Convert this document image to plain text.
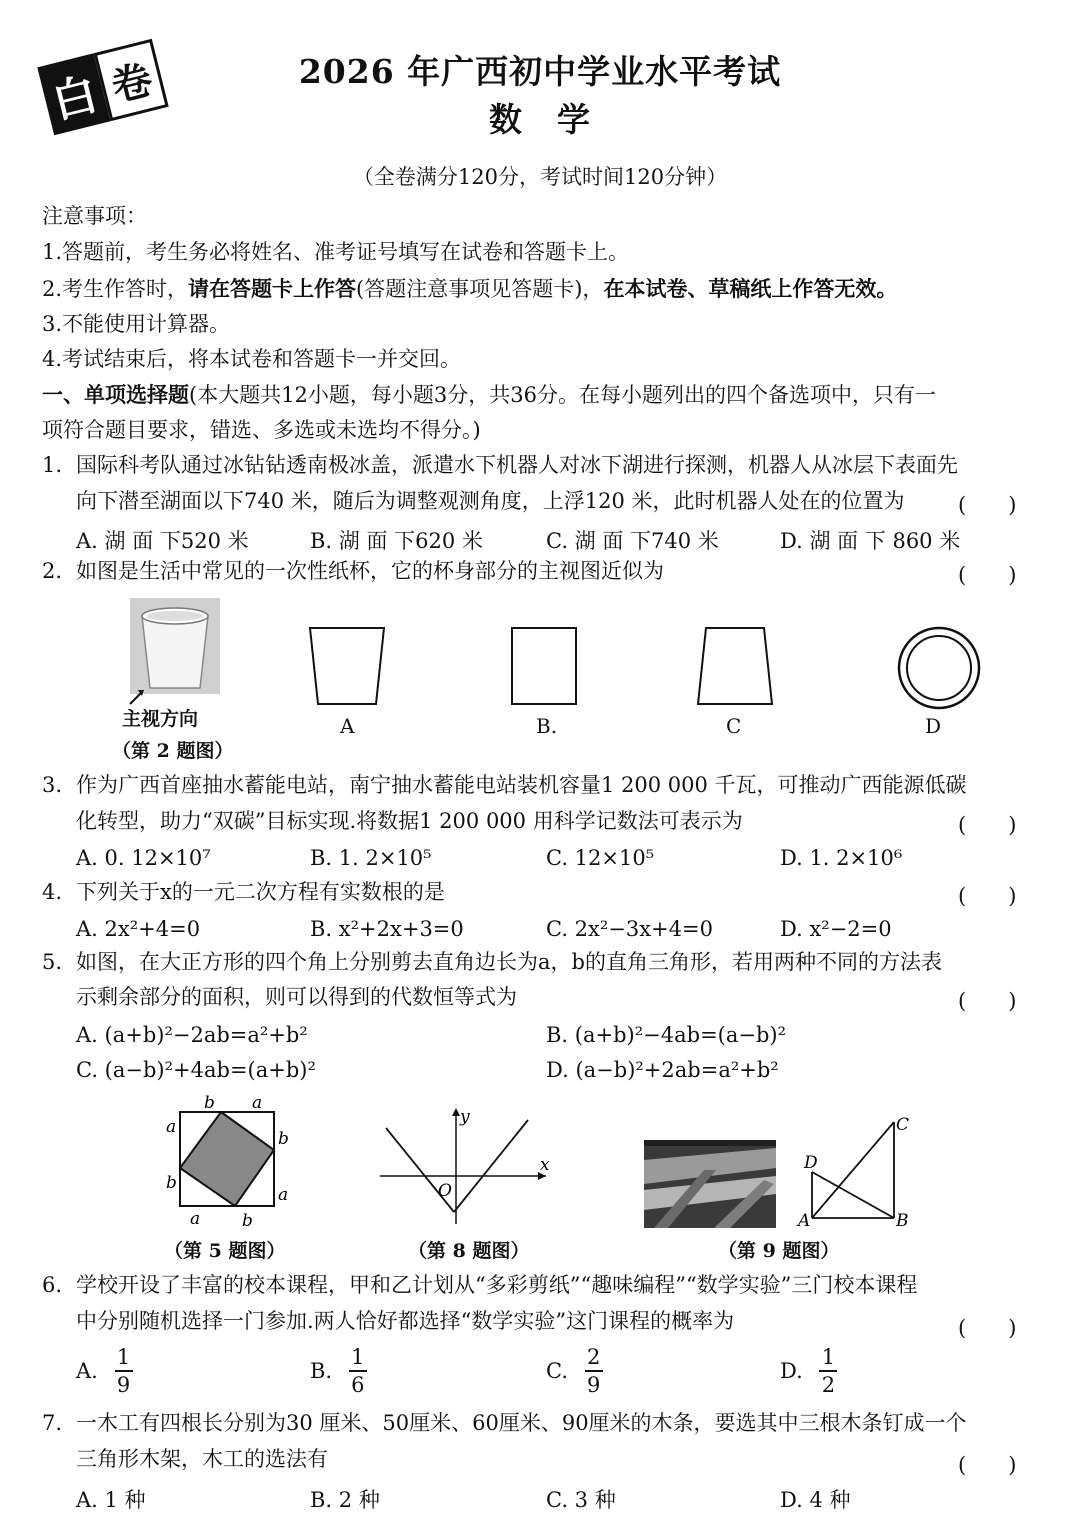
白 卷	2026 年广西初中学业水平考试
数　学
（全卷满分120分，考试时间120分钟）
注意事项：
1.答题前，考生务必将姓名、准考证号填写在试卷和答题卡上。
2.考生作答时，请在答题卡上作答(答题注意事项见答题卡)，在本试卷、草稿纸上作答无效。
3.不能使用计算器。
4.考试结束后，将本试卷和答题卡一并交回。
一、单项选择题(本大题共12小题，每小题3分，共36分。在每小题列出的四个备选项中，只有一
项符合题目要求，错选、多选或未选均不得分。)
1. 国际科考队通过冰钻钻透南极冰盖，派遣水下机器人对冰下湖进行探测，机器人从冰层下表面先
向下潜至湖面以下740 米，随后为调整观测角度，上浮120 米，此时机器人处在的位置为	(　　)
A. 湖 面 下520 米	B. 湖 面 下620 米	C. 湖 面 下740 米	D. 湖 面 下 860 米
2. 如图是生活中常见的一次性纸杯，它的杯身部分的主视图近似为	(　　)
主视方向
（第 2 题图）
A	B.	C	D
3. 作为广西首座抽水蓄能电站，南宁抽水蓄能电站装机容量1 200 000 千瓦，可推动广西能源低碳
化转型，助力“双碳”目标实现.将数据1 200 000 用科学记数法可表示为	(　　)
A. 0. 12×10⁷	B. 1. 2×10⁵	C. 12×10⁵	D. 1. 2×10⁶
4. 下列关于x的一元二次方程有实数根的是	(　　)
A. 2x²+4=0	B. x²+2x+3=0	C. 2x²−3x+4=0	D. x²−2=0
5. 如图，在大正方形的四个角上分别剪去直角边长为a，b的直角三角形，若用两种不同的方法表
示剩余部分的面积，则可以得到的代数恒等式为	(　　)
A. (a+b)²−2ab=a²+b²	B. (a+b)²−4ab=(a−b)²
C. (a−b)²+4ab=(a+b)²	D. (a−b)²+2ab=a²+b²
b a
a
b
b
a
a b
（第 5 题图）
y
x
O
（第 8 题图）
C
D
A	B
（第 9 题图）
6. 学校开设了丰富的校本课程，甲和乙计划从“多彩剪纸”“趣味编程”“数学实验”三门校本课程
中分别随机选择一门参加.两人恰好都选择“数学实验”这门课程的概率为	(　　)
A. $\frac{1}{9}$	B. $\frac{1}{6}$	C. $\frac{2}{9}$	D. $\frac{1}{2}$
7. 一木工有四根长分别为30 厘米、50厘米、60厘米、90厘米的木条，要选其中三根木条钉成一个
三角形木架，木工的选法有	(　　)
A. 1 种	B. 2 种	C. 3 种	D. 4 种
